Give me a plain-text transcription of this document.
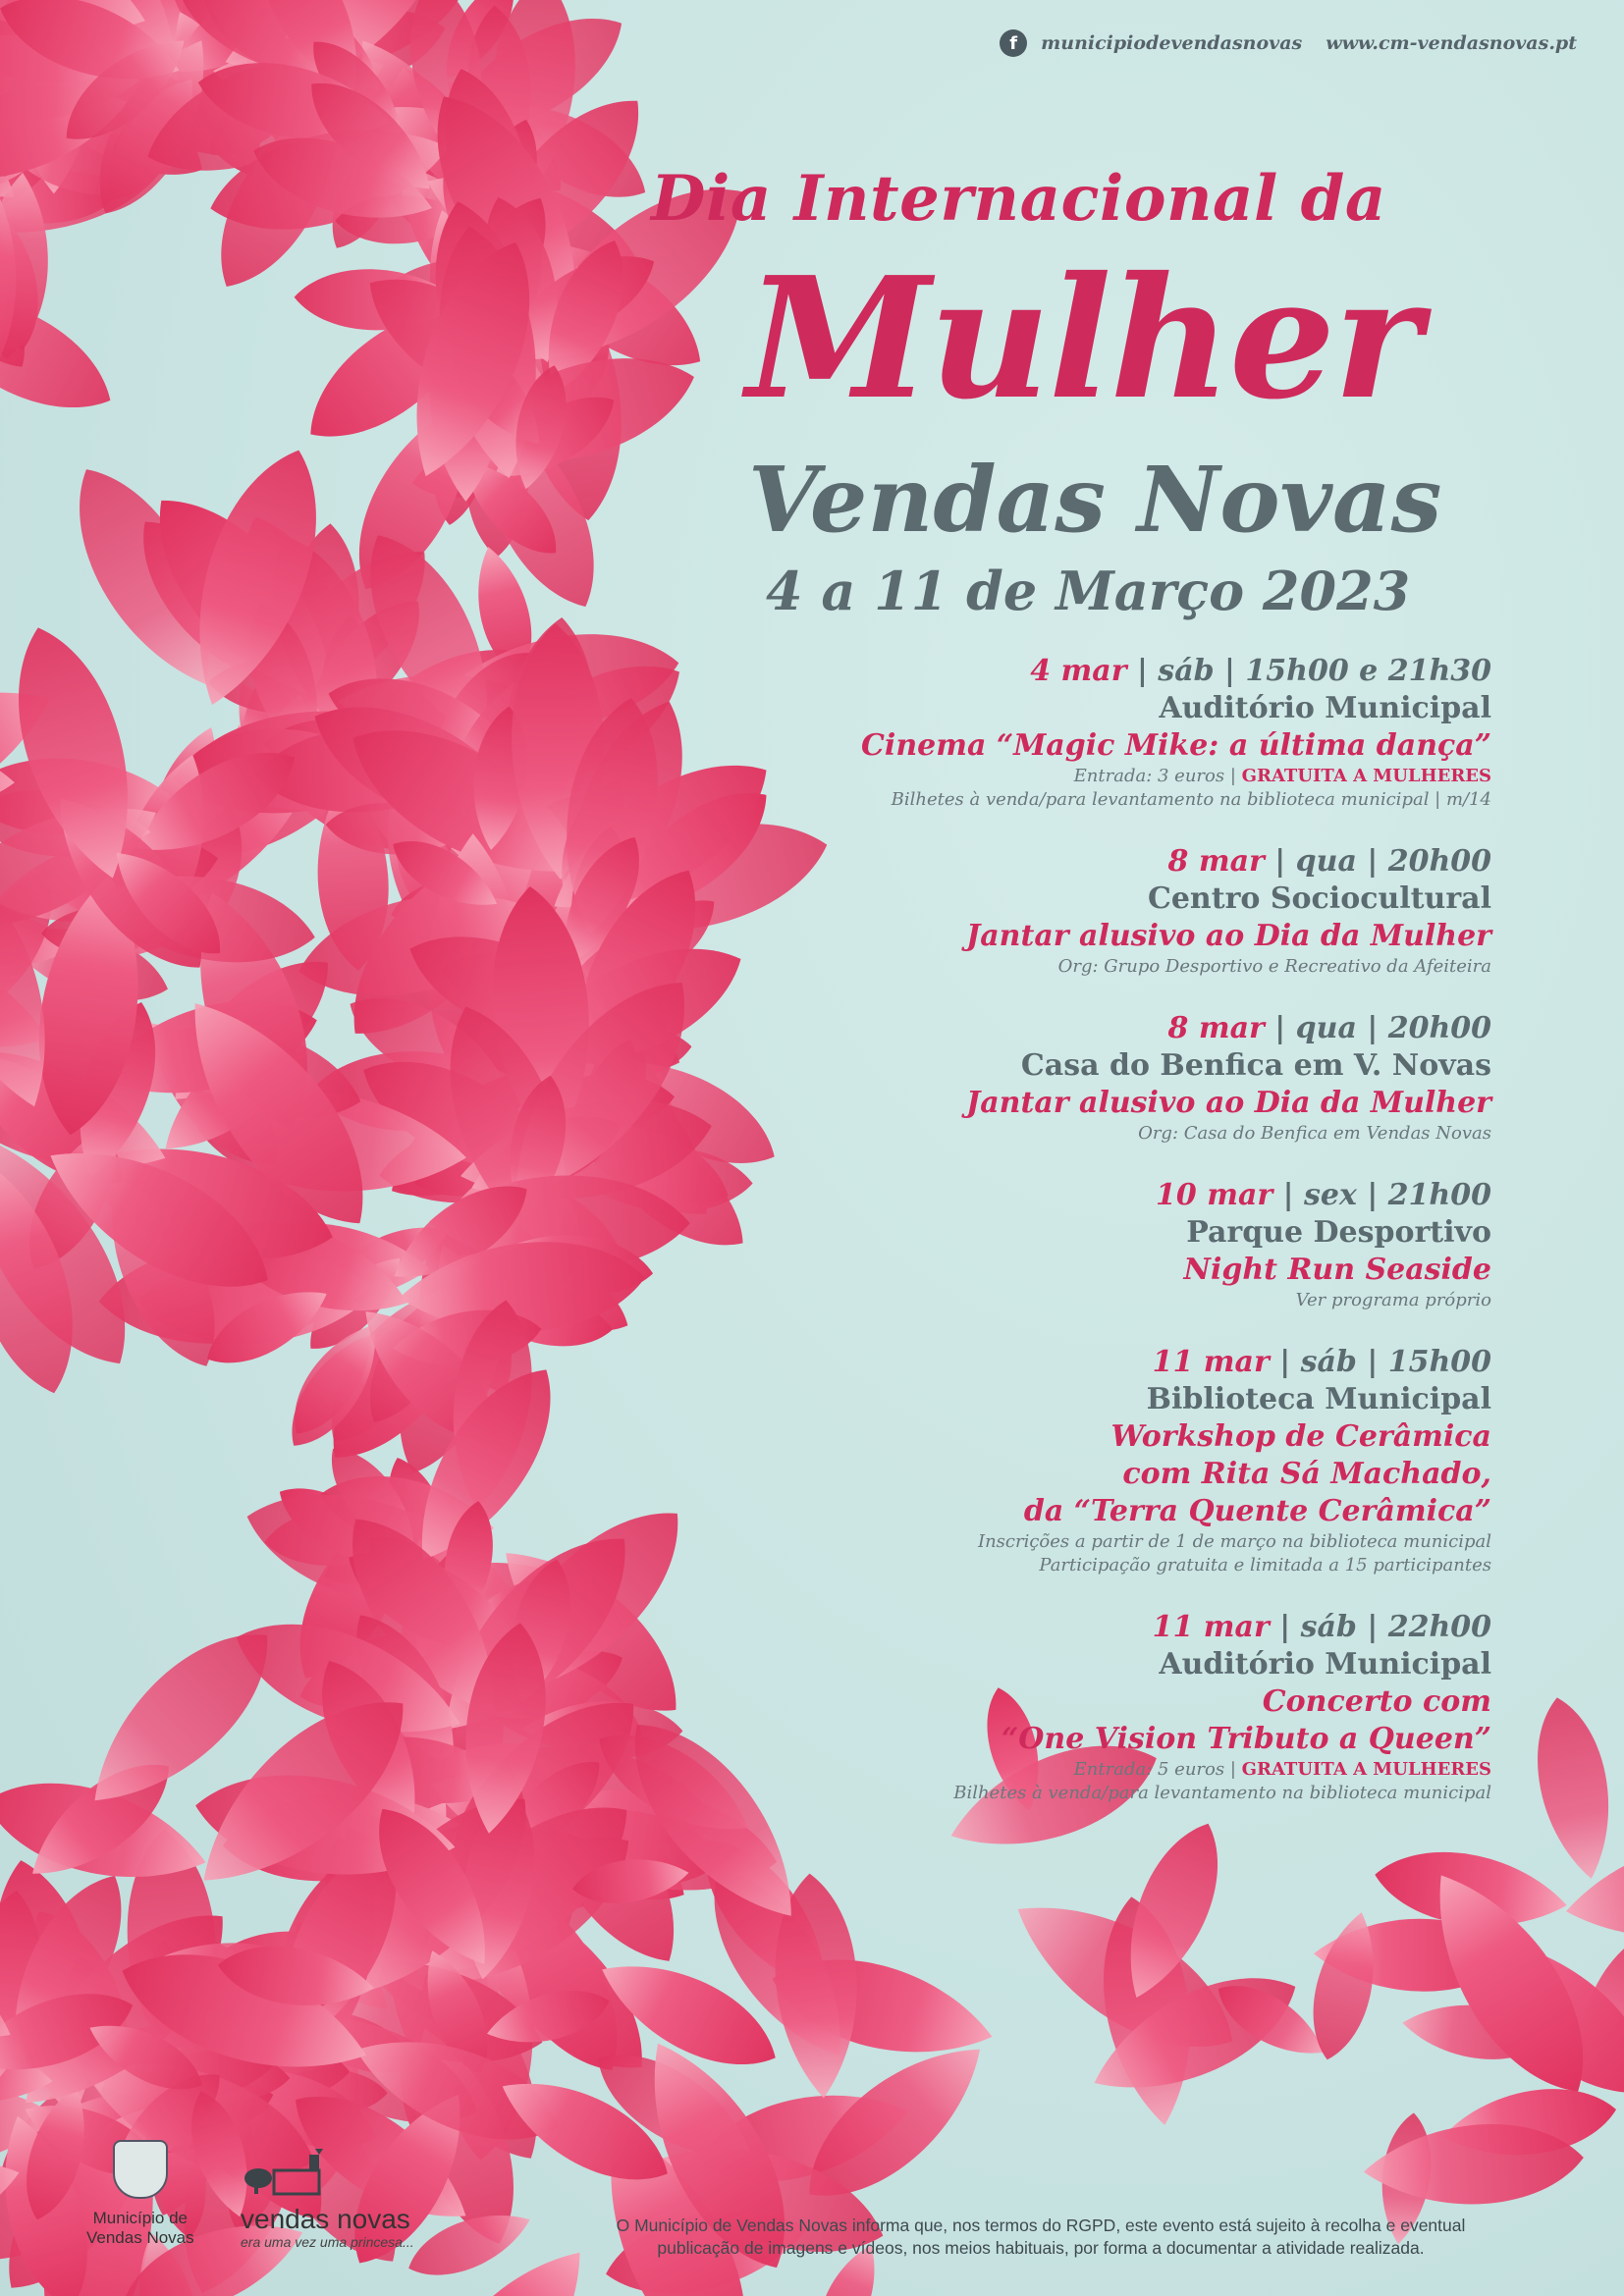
f	municipiodevendasnovas www.cm-vendasnovas.pt
Dia Internacional da
Mulher
Vendas Novas
4 a 11 de Março 2023
4 mar | sáb | 15h00 e 21h30
Auditório Municipal
Cinema “Magic Mike: a última dança”
Entrada: 3 euros | GRATUITA A MULHERES
Bilhetes à venda/para levantamento na biblioteca municipal | m/14
8 mar | qua | 20h00
Centro Sociocultural
Jantar alusivo ao Dia da Mulher
Org: Grupo Desportivo e Recreativo da Afeiteira
8 mar | qua | 20h00
Casa do Benfica em V. Novas
Jantar alusivo ao Dia da Mulher
Org: Casa do Benfica em Vendas Novas
10 mar | sex | 21h00
Parque Desportivo
Night Run Seaside
Ver programa próprio
11 mar | sáb | 15h00
Biblioteca Municipal
Workshop de Cerâmica
com Rita Sá Machado,
da “Terra Quente Cerâmica”
Inscrições a partir de 1 de março na biblioteca municipal
Participação gratuita e limitada a 15 participantes
11 mar | sáb | 22h00
Auditório Municipal
Concerto com
“One Vision Tributo a Queen”
Entrada: 5 euros | GRATUITA A MULHERES
Bilhetes à venda/para levantamento na biblioteca municipal
Município de
Vendas Novas
vendas novas
era uma vez uma princesa...
O Município de Vendas Novas informa que, nos termos do RGPD, este evento está sujeito à recolha e eventual
publicação de imagens e vídeos, nos meios habituais, por forma a documentar a atividade realizada.
